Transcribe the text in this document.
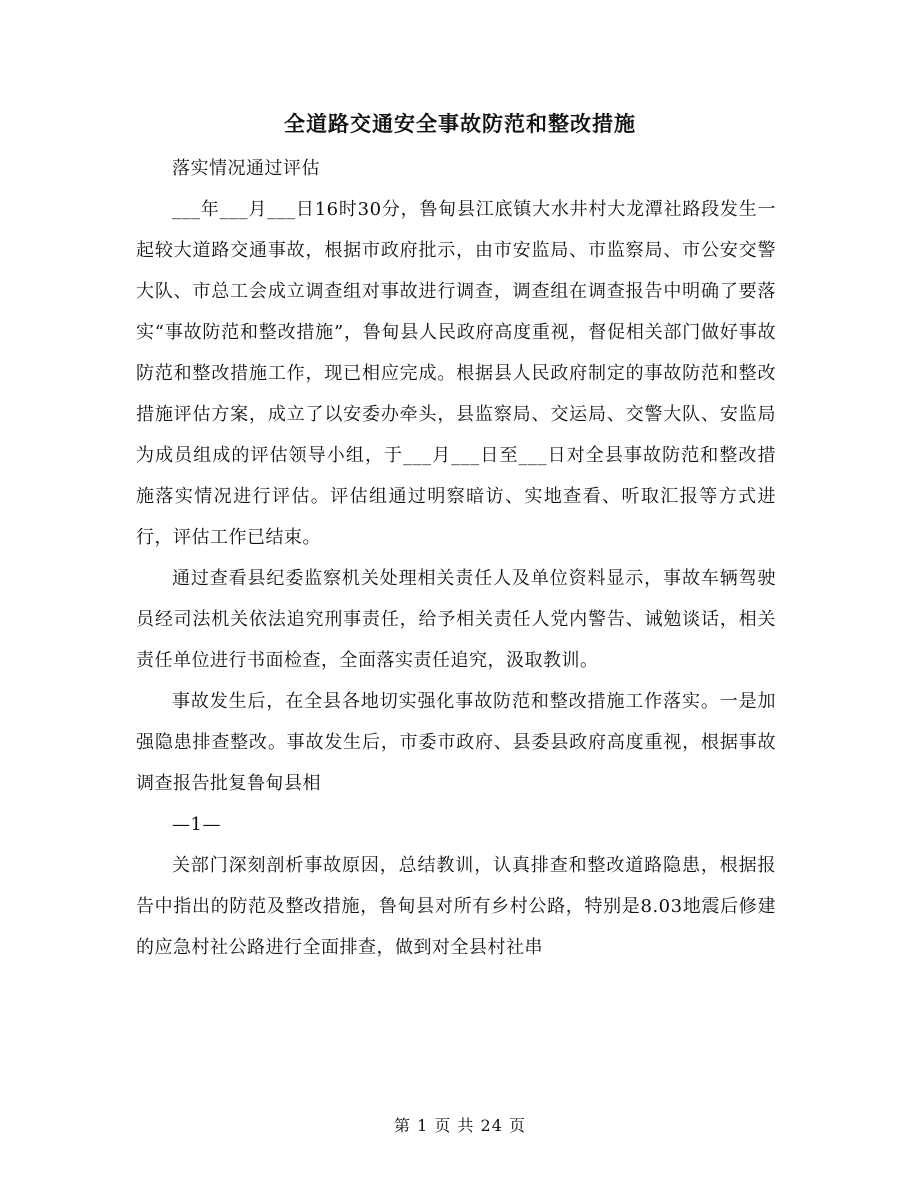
全道路交通安全事故防范和整改措施

落实情况通过评估

___年___月___日16时30分，鲁甸县江底镇大水井村大龙潭社路段发生一起较大道路交通事故，根据市政府批示，由市安监局、市监察局、市公安交警大队、市总工会成立调查组对事故进行调查，调查组在调查报告中明确了要落实“事故防范和整改措施”，鲁甸县人民政府高度重视，督促相关部门做好事故防范和整改措施工作，现已相应完成。根据县人民政府制定的事故防范和整改措施评估方案，成立了以安委办牵头，县监察局、交运局、交警大队、安监局为成员组成的评估领导小组，于___月___日至___日对全县事故防范和整改措施落实情况进行评估。评估组通过明察暗访、实地查看、听取汇报等方式进行，评估工作已结束。

通过查看县纪委监察机关处理相关责任人及单位资料显示，事故车辆驾驶员经司法机关依法追究刑事责任，给予相关责任人党内警告、诫勉谈话，相关责任单位进行书面检查，全面落实责任追究，汲取教训。

事故发生后，在全县各地切实强化事故防范和整改措施工作落实。一是加强隐患排查整改。事故发生后，市委市政府、县委县政府高度重视，根据事故调查报告批复鲁甸县相

—1—

关部门深刻剖析事故原因，总结教训，认真排查和整改道路隐患，根据报告中指出的防范及整改措施，鲁甸县对所有乡村公路，特别是8.03地震后修建的应急村社公路进行全面排查，做到对全县村社串

第 1 页 共 24 页
